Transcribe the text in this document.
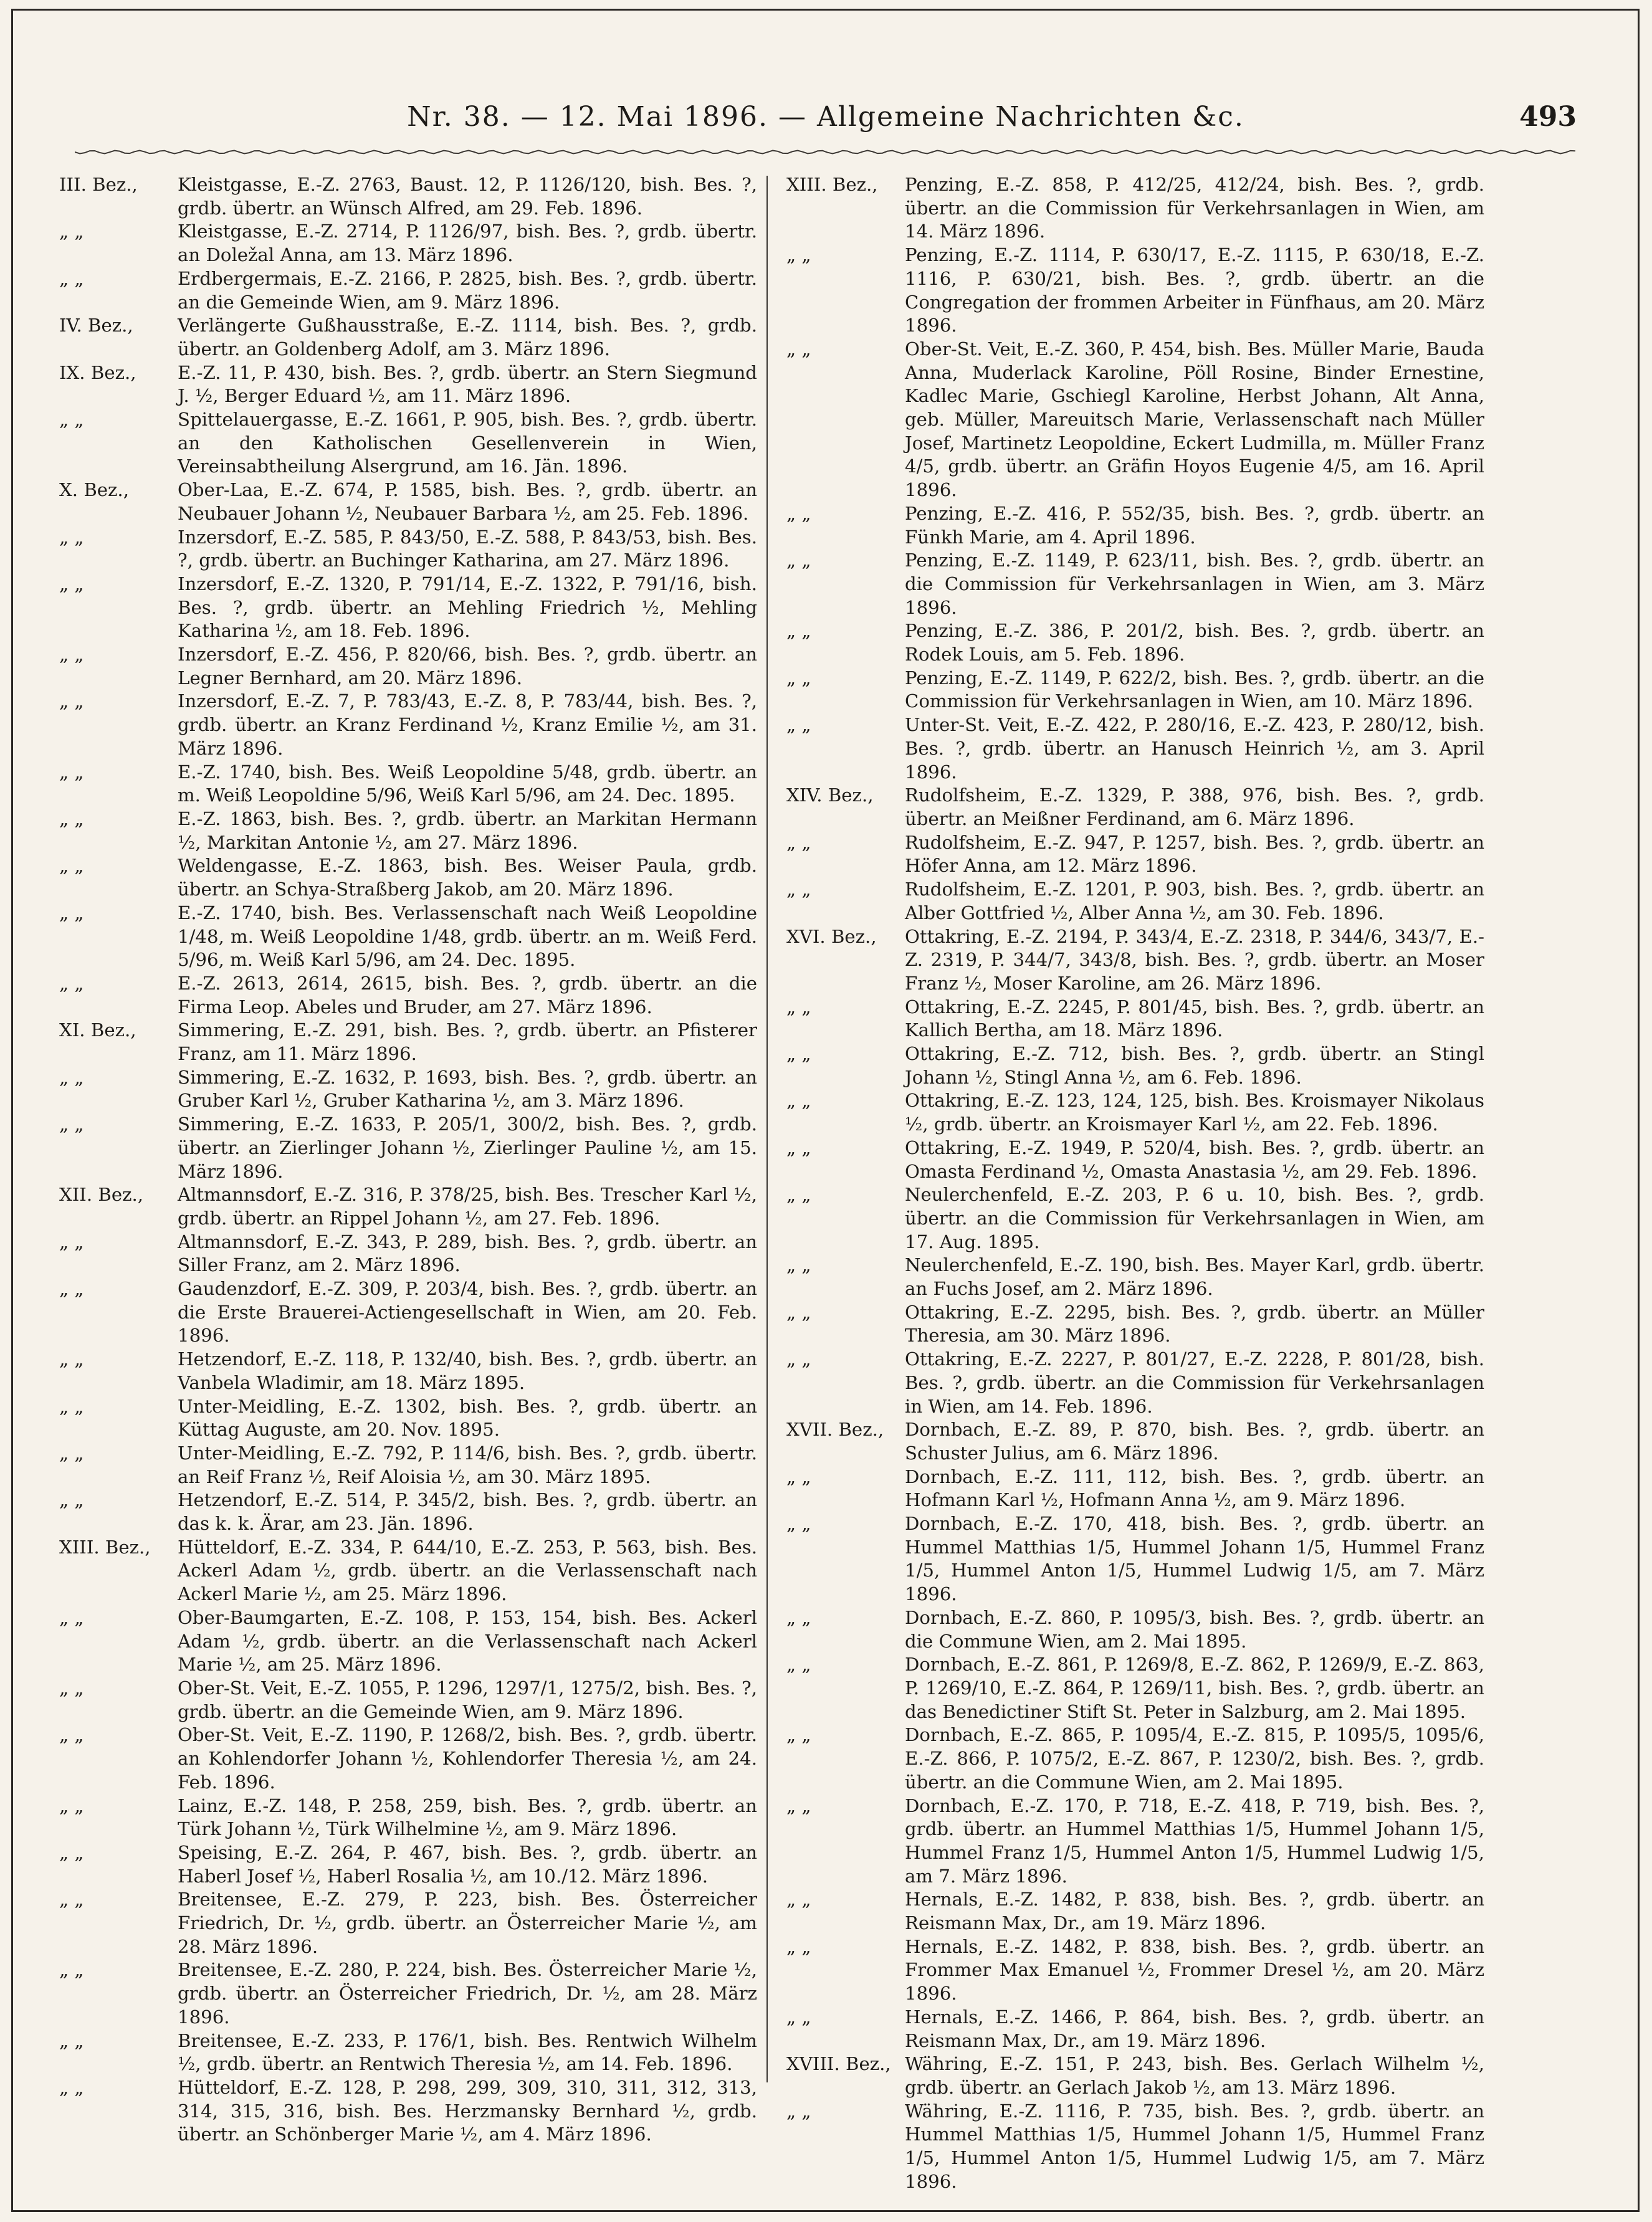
Nr. 38. — 12. Mai 1896. — Allgemeine Nachrichten &c.	493
III. Bez.,	Kleistgasse, E.-Z. 2763, Baust. 12, P. 1126/120, bish. Bes. ?, grdb. übertr. an Wünsch Alfred, am 29. Feb. 1896.
„ „	Kleistgasse, E.-Z. 2714, P. 1126/97, bish. Bes. ?, grdb. übertr. an Doležal Anna, am 13. März 1896.
„ „	Erdbergermais, E.-Z. 2166, P. 2825, bish. Bes. ?, grdb. übertr. an die Gemeinde Wien, am 9. März 1896.
IV. Bez.,	Verlängerte Gußhausstraße, E.-Z. 1114, bish. Bes. ?, grdb. übertr. an Goldenberg Adolf, am 3. März 1896.
IX. Bez.,	E.-Z. 11, P. 430, bish. Bes. ?, grdb. übertr. an Stern Siegmund J. ½, Berger Eduard ½, am 11. März 1896.
„ „	Spittelauergasse, E.-Z. 1661, P. 905, bish. Bes. ?, grdb. übertr. an den Katholischen Gesellenverein in Wien, Vereinsabtheilung Alsergrund, am 16. Jän. 1896.
X. Bez.,	Ober-Laa, E.-Z. 674, P. 1585, bish. Bes. ?, grdb. übertr. an Neubauer Johann ½, Neubauer Barbara ½, am 25. Feb. 1896.
„ „	Inzersdorf, E.-Z. 585, P. 843/50, E.-Z. 588, P. 843/53, bish. Bes. ?, grdb. übertr. an Buchinger Katharina, am 27. März 1896.
„ „	Inzersdorf, E.-Z. 1320, P. 791/14, E.-Z. 1322, P. 791/16, bish. Bes. ?, grdb. übertr. an Mehling Friedrich ½, Mehling Katharina ½, am 18. Feb. 1896.
„ „	Inzersdorf, E.-Z. 456, P. 820/66, bish. Bes. ?, grdb. übertr. an Legner Bernhard, am 20. März 1896.
„ „	Inzersdorf, E.-Z. 7, P. 783/43, E.-Z. 8, P. 783/44, bish. Bes. ?, grdb. übertr. an Kranz Ferdinand ½, Kranz Emilie ½, am 31. März 1896.
„ „	E.-Z. 1740, bish. Bes. Weiß Leopoldine 5/48, grdb. übertr. an m. Weiß Leopoldine 5/96, Weiß Karl 5/96, am 24. Dec. 1895.
„ „	E.-Z. 1863, bish. Bes. ?, grdb. übertr. an Markitan Hermann ½, Markitan Antonie ½, am 27. März 1896.
„ „	Weldengasse, E.-Z. 1863, bish. Bes. Weiser Paula, grdb. übertr. an Schya-Straßberg Jakob, am 20. März 1896.
„ „	E.-Z. 1740, bish. Bes. Verlassenschaft nach Weiß Leopoldine 1/48, m. Weiß Leopoldine 1/48, grdb. übertr. an m. Weiß Ferd. 5/96, m. Weiß Karl 5/96, am 24. Dec. 1895.
„ „	E.-Z. 2613, 2614, 2615, bish. Bes. ?, grdb. übertr. an die Firma Leop. Abeles und Bruder, am 27. März 1896.
XI. Bez.,	Simmering, E.-Z. 291, bish. Bes. ?, grdb. übertr. an Pfisterer Franz, am 11. März 1896.
„ „	Simmering, E.-Z. 1632, P. 1693, bish. Bes. ?, grdb. übertr. an Gruber Karl ½, Gruber Katharina ½, am 3. März 1896.
„ „	Simmering, E.-Z. 1633, P. 205/1, 300/2, bish. Bes. ?, grdb. übertr. an Zierlinger Johann ½, Zierlinger Pauline ½, am 15. März 1896.
XII. Bez.,	Altmannsdorf, E.-Z. 316, P. 378/25, bish. Bes. Trescher Karl ½, grdb. übertr. an Rippel Johann ½, am 27. Feb. 1896.
„ „	Altmannsdorf, E.-Z. 343, P. 289, bish. Bes. ?, grdb. übertr. an Siller Franz, am 2. März 1896.
„ „	Gaudenzdorf, E.-Z. 309, P. 203/4, bish. Bes. ?, grdb. übertr. an die Erste Brauerei-Actiengesellschaft in Wien, am 20. Feb. 1896.
„ „	Hetzendorf, E.-Z. 118, P. 132/40, bish. Bes. ?, grdb. übertr. an Vanbela Wladimir, am 18. März 1895.
„ „	Unter-Meidling, E.-Z. 1302, bish. Bes. ?, grdb. übertr. an Küttag Auguste, am 20. Nov. 1895.
„ „	Unter-Meidling, E.-Z. 792, P. 114/6, bish. Bes. ?, grdb. übertr. an Reif Franz ½, Reif Aloisia ½, am 30. März 1895.
„ „	Hetzendorf, E.-Z. 514, P. 345/2, bish. Bes. ?, grdb. übertr. an das k. k. Ärar, am 23. Jän. 1896.
XIII. Bez.,	Hütteldorf, E.-Z. 334, P. 644/10, E.-Z. 253, P. 563, bish. Bes. Ackerl Adam ½, grdb. übertr. an die Verlassenschaft nach Ackerl Marie ½, am 25. März 1896.
„ „	Ober-Baumgarten, E.-Z. 108, P. 153, 154, bish. Bes. Ackerl Adam ½, grdb. übertr. an die Verlassenschaft nach Ackerl Marie ½, am 25. März 1896.
„ „	Ober-St. Veit, E.-Z. 1055, P. 1296, 1297/1, 1275/2, bish. Bes. ?, grdb. übertr. an die Gemeinde Wien, am 9. März 1896.
„ „	Ober-St. Veit, E.-Z. 1190, P. 1268/2, bish. Bes. ?, grdb. übertr. an Kohlendorfer Johann ½, Kohlendorfer Theresia ½, am 24. Feb. 1896.
„ „	Lainz, E.-Z. 148, P. 258, 259, bish. Bes. ?, grdb. übertr. an Türk Johann ½, Türk Wilhelmine ½, am 9. März 1896.
„ „	Speising, E.-Z. 264, P. 467, bish. Bes. ?, grdb. übertr. an Haberl Josef ½, Haberl Rosalia ½, am 10./12. März 1896.
„ „	Breitensee, E.-Z. 279, P. 223, bish. Bes. Österreicher Friedrich, Dr. ½, grdb. übertr. an Österreicher Marie ½, am 28. März 1896.
„ „	Breitensee, E.-Z. 280, P. 224, bish. Bes. Österreicher Marie ½, grdb. übertr. an Österreicher Friedrich, Dr. ½, am 28. März 1896.
„ „	Breitensee, E.-Z. 233, P. 176/1, bish. Bes. Rentwich Wilhelm ½, grdb. übertr. an Rentwich Theresia ½, am 14. Feb. 1896.
„ „	Hütteldorf, E.-Z. 128, P. 298, 299, 309, 310, 311, 312, 313, 314, 315, 316, bish. Bes. Herzmansky Bernhard ½, grdb. übertr. an Schönberger Marie ½, am 4. März 1896.
XIII. Bez.,	Penzing, E.-Z. 858, P. 412/25, 412/24, bish. Bes. ?, grdb. übertr. an die Commission für Verkehrsanlagen in Wien, am 14. März 1896.
„ „	Penzing, E.-Z. 1114, P. 630/17, E.-Z. 1115, P. 630/18, E.-Z. 1116, P. 630/21, bish. Bes. ?, grdb. übertr. an die Congregation der frommen Arbeiter in Fünfhaus, am 20. März 1896.
„ „	Ober-St. Veit, E.-Z. 360, P. 454, bish. Bes. Müller Marie, Bauda Anna, Muderlack Karoline, Pöll Rosine, Binder Ernestine, Kadlec Marie, Gschiegl Karoline, Herbst Johann, Alt Anna, geb. Müller, Mareuitsch Marie, Verlassenschaft nach Müller Josef, Martinetz Leopoldine, Eckert Ludmilla, m. Müller Franz 4/5, grdb. übertr. an Gräfin Hoyos Eugenie 4/5, am 16. April 1896.
„ „	Penzing, E.-Z. 416, P. 552/35, bish. Bes. ?, grdb. übertr. an Fünkh Marie, am 4. April 1896.
„ „	Penzing, E.-Z. 1149, P. 623/11, bish. Bes. ?, grdb. übertr. an die Commission für Verkehrsanlagen in Wien, am 3. März 1896.
„ „	Penzing, E.-Z. 386, P. 201/2, bish. Bes. ?, grdb. übertr. an Rodek Louis, am 5. Feb. 1896.
„ „	Penzing, E.-Z. 1149, P. 622/2, bish. Bes. ?, grdb. übertr. an die Commission für Verkehrsanlagen in Wien, am 10. März 1896.
„ „	Unter-St. Veit, E.-Z. 422, P. 280/16, E.-Z. 423, P. 280/12, bish. Bes. ?, grdb. übertr. an Hanusch Heinrich ½, am 3. April 1896.
XIV. Bez.,	Rudolfsheim, E.-Z. 1329, P. 388, 976, bish. Bes. ?, grdb. übertr. an Meißner Ferdinand, am 6. März 1896.
„ „	Rudolfsheim, E.-Z. 947, P. 1257, bish. Bes. ?, grdb. übertr. an Höfer Anna, am 12. März 1896.
„ „	Rudolfsheim, E.-Z. 1201, P. 903, bish. Bes. ?, grdb. übertr. an Alber Gottfried ½, Alber Anna ½, am 30. Feb. 1896.
XVI. Bez.,	Ottakring, E.-Z. 2194, P. 343/4, E.-Z. 2318, P. 344/6, 343/7, E.-Z. 2319, P. 344/7, 343/8, bish. Bes. ?, grdb. übertr. an Moser Franz ½, Moser Karoline, am 26. März 1896.
„ „	Ottakring, E.-Z. 2245, P. 801/45, bish. Bes. ?, grdb. übertr. an Kallich Bertha, am 18. März 1896.
„ „	Ottakring, E.-Z. 712, bish. Bes. ?, grdb. übertr. an Stingl Johann ½, Stingl Anna ½, am 6. Feb. 1896.
„ „	Ottakring, E.-Z. 123, 124, 125, bish. Bes. Kroismayer Nikolaus ½, grdb. übertr. an Kroismayer Karl ½, am 22. Feb. 1896.
„ „	Ottakring, E.-Z. 1949, P. 520/4, bish. Bes. ?, grdb. übertr. an Omasta Ferdinand ½, Omasta Anastasia ½, am 29. Feb. 1896.
„ „	Neulerchenfeld, E.-Z. 203, P. 6 u. 10, bish. Bes. ?, grdb. übertr. an die Commission für Verkehrsanlagen in Wien, am 17. Aug. 1895.
„ „	Neulerchenfeld, E.-Z. 190, bish. Bes. Mayer Karl, grdb. übertr. an Fuchs Josef, am 2. März 1896.
„ „	Ottakring, E.-Z. 2295, bish. Bes. ?, grdb. übertr. an Müller Theresia, am 30. März 1896.
„ „	Ottakring, E.-Z. 2227, P. 801/27, E.-Z. 2228, P. 801/28, bish. Bes. ?, grdb. übertr. an die Commission für Verkehrsanlagen in Wien, am 14. Feb. 1896.
XVII. Bez.,	Dornbach, E.-Z. 89, P. 870, bish. Bes. ?, grdb. übertr. an Schuster Julius, am 6. März 1896.
„ „	Dornbach, E.-Z. 111, 112, bish. Bes. ?, grdb. übertr. an Hofmann Karl ½, Hofmann Anna ½, am 9. März 1896.
„ „	Dornbach, E.-Z. 170, 418, bish. Bes. ?, grdb. übertr. an Hummel Matthias 1/5, Hummel Johann 1/5, Hummel Franz 1/5, Hummel Anton 1/5, Hummel Ludwig 1/5, am 7. März 1896.
„ „	Dornbach, E.-Z. 860, P. 1095/3, bish. Bes. ?, grdb. übertr. an die Commune Wien, am 2. Mai 1895.
„ „	Dornbach, E.-Z. 861, P. 1269/8, E.-Z. 862, P. 1269/9, E.-Z. 863, P. 1269/10, E.-Z. 864, P. 1269/11, bish. Bes. ?, grdb. übertr. an das Benedictiner Stift St. Peter in Salzburg, am 2. Mai 1895.
„ „	Dornbach, E.-Z. 865, P. 1095/4, E.-Z. 815, P. 1095/5, 1095/6, E.-Z. 866, P. 1075/2, E.-Z. 867, P. 1230/2, bish. Bes. ?, grdb. übertr. an die Commune Wien, am 2. Mai 1895.
„ „	Dornbach, E.-Z. 170, P. 718, E.-Z. 418, P. 719, bish. Bes. ?, grdb. übertr. an Hummel Matthias 1/5, Hummel Johann 1/5, Hummel Franz 1/5, Hummel Anton 1/5, Hummel Ludwig 1/5, am 7. März 1896.
„ „	Hernals, E.-Z. 1482, P. 838, bish. Bes. ?, grdb. übertr. an Reismann Max, Dr., am 19. März 1896.
„ „	Hernals, E.-Z. 1482, P. 838, bish. Bes. ?, grdb. übertr. an Frommer Max Emanuel ½, Frommer Dresel ½, am 20. März 1896.
„ „	Hernals, E.-Z. 1466, P. 864, bish. Bes. ?, grdb. übertr. an Reismann Max, Dr., am 19. März 1896.
XVIII. Bez., Währing, E.-Z. 151, P. 243, bish. Bes. Gerlach Wilhelm ½, grdb. übertr. an Gerlach Jakob ½, am 13. März 1896.
„ „	Währing, E.-Z. 1116, P. 735, bish. Bes. ?, grdb. übertr. an Hummel Matthias 1/5, Hummel Johann 1/5, Hummel Franz 1/5, Hummel Anton 1/5, Hummel Ludwig 1/5, am 7. März 1896.
